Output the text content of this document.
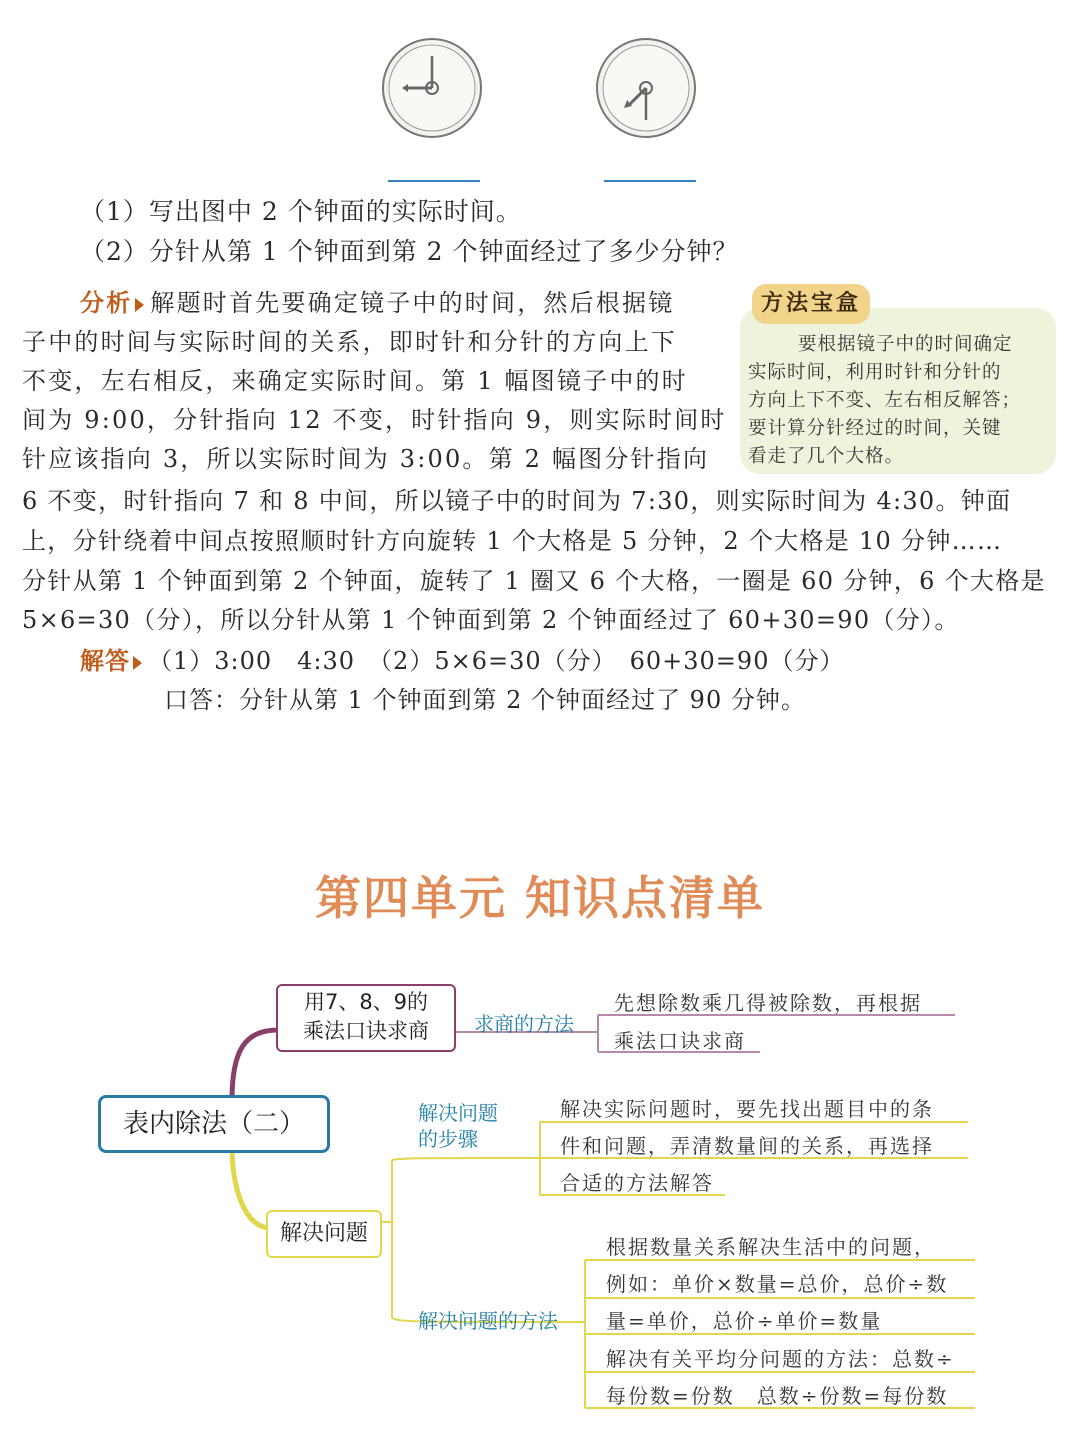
（1）写出图中 2 个钟面的实际时间。
（2）分针从第 1 个钟面到第 2 个钟面经过了多少分钟？
分析 解题时首先要确定镜子中的时间，然后根据镜
子中的时间与实际时间的关系，即时针和分针的方向上下
不变，左右相反，来确定实际时间。第 1 幅图镜子中的时
间为 9:00，分针指向 12 不变，时针指向 9，则实际时间时
针应该指向 3，所以实际时间为 3:00。第 2 幅图分针指向
6 不变，时针指向 7 和 8 中间，所以镜子中的时间为 7:30，则实际时间为 4:30。钟面
上，分针绕着中间点按照顺时针方向旋转 1 个大格是 5 分钟，2 个大格是 10 分钟……
分针从第 1 个钟面到第 2 个钟面，旋转了 1 圈又 6 个大格，一圈是 60 分钟，6 个大格是
5×6=30（分），所以分针从第 1 个钟面到第 2 个钟面经过了 60+30=90（分）。
方法宝盒
要根据镜子中的时间确定
实际时间，利用时针和分针的
方向上下不变、左右相反解答；
要计算分针经过的时间，关键
看走了几个大格。
解答 （1）3:00　4:30　（2）5×6=30（分）　60+30=90（分）
口答：分针从第 1 个钟面到第 2 个钟面经过了 90 分钟。
第四单元 知识点清单
表内除法（二）
用7、8、9的
乘法口诀求商	求商的方法
先想除数乘几得被除数，再根据
乘法口诀求商
解决问题
解决问题
的步骤
解决实际问题时，要先找出题目中的条
件和问题，弄清数量间的关系，再选择
合适的方法解答
解决问题的方法
根据数量关系解决生活中的问题，
例如：单价×数量=总价，总价÷数
量=单价，总价÷单价=数量
解决有关平均分问题的方法：总数÷
每份数=份数　总数÷份数=每份数
